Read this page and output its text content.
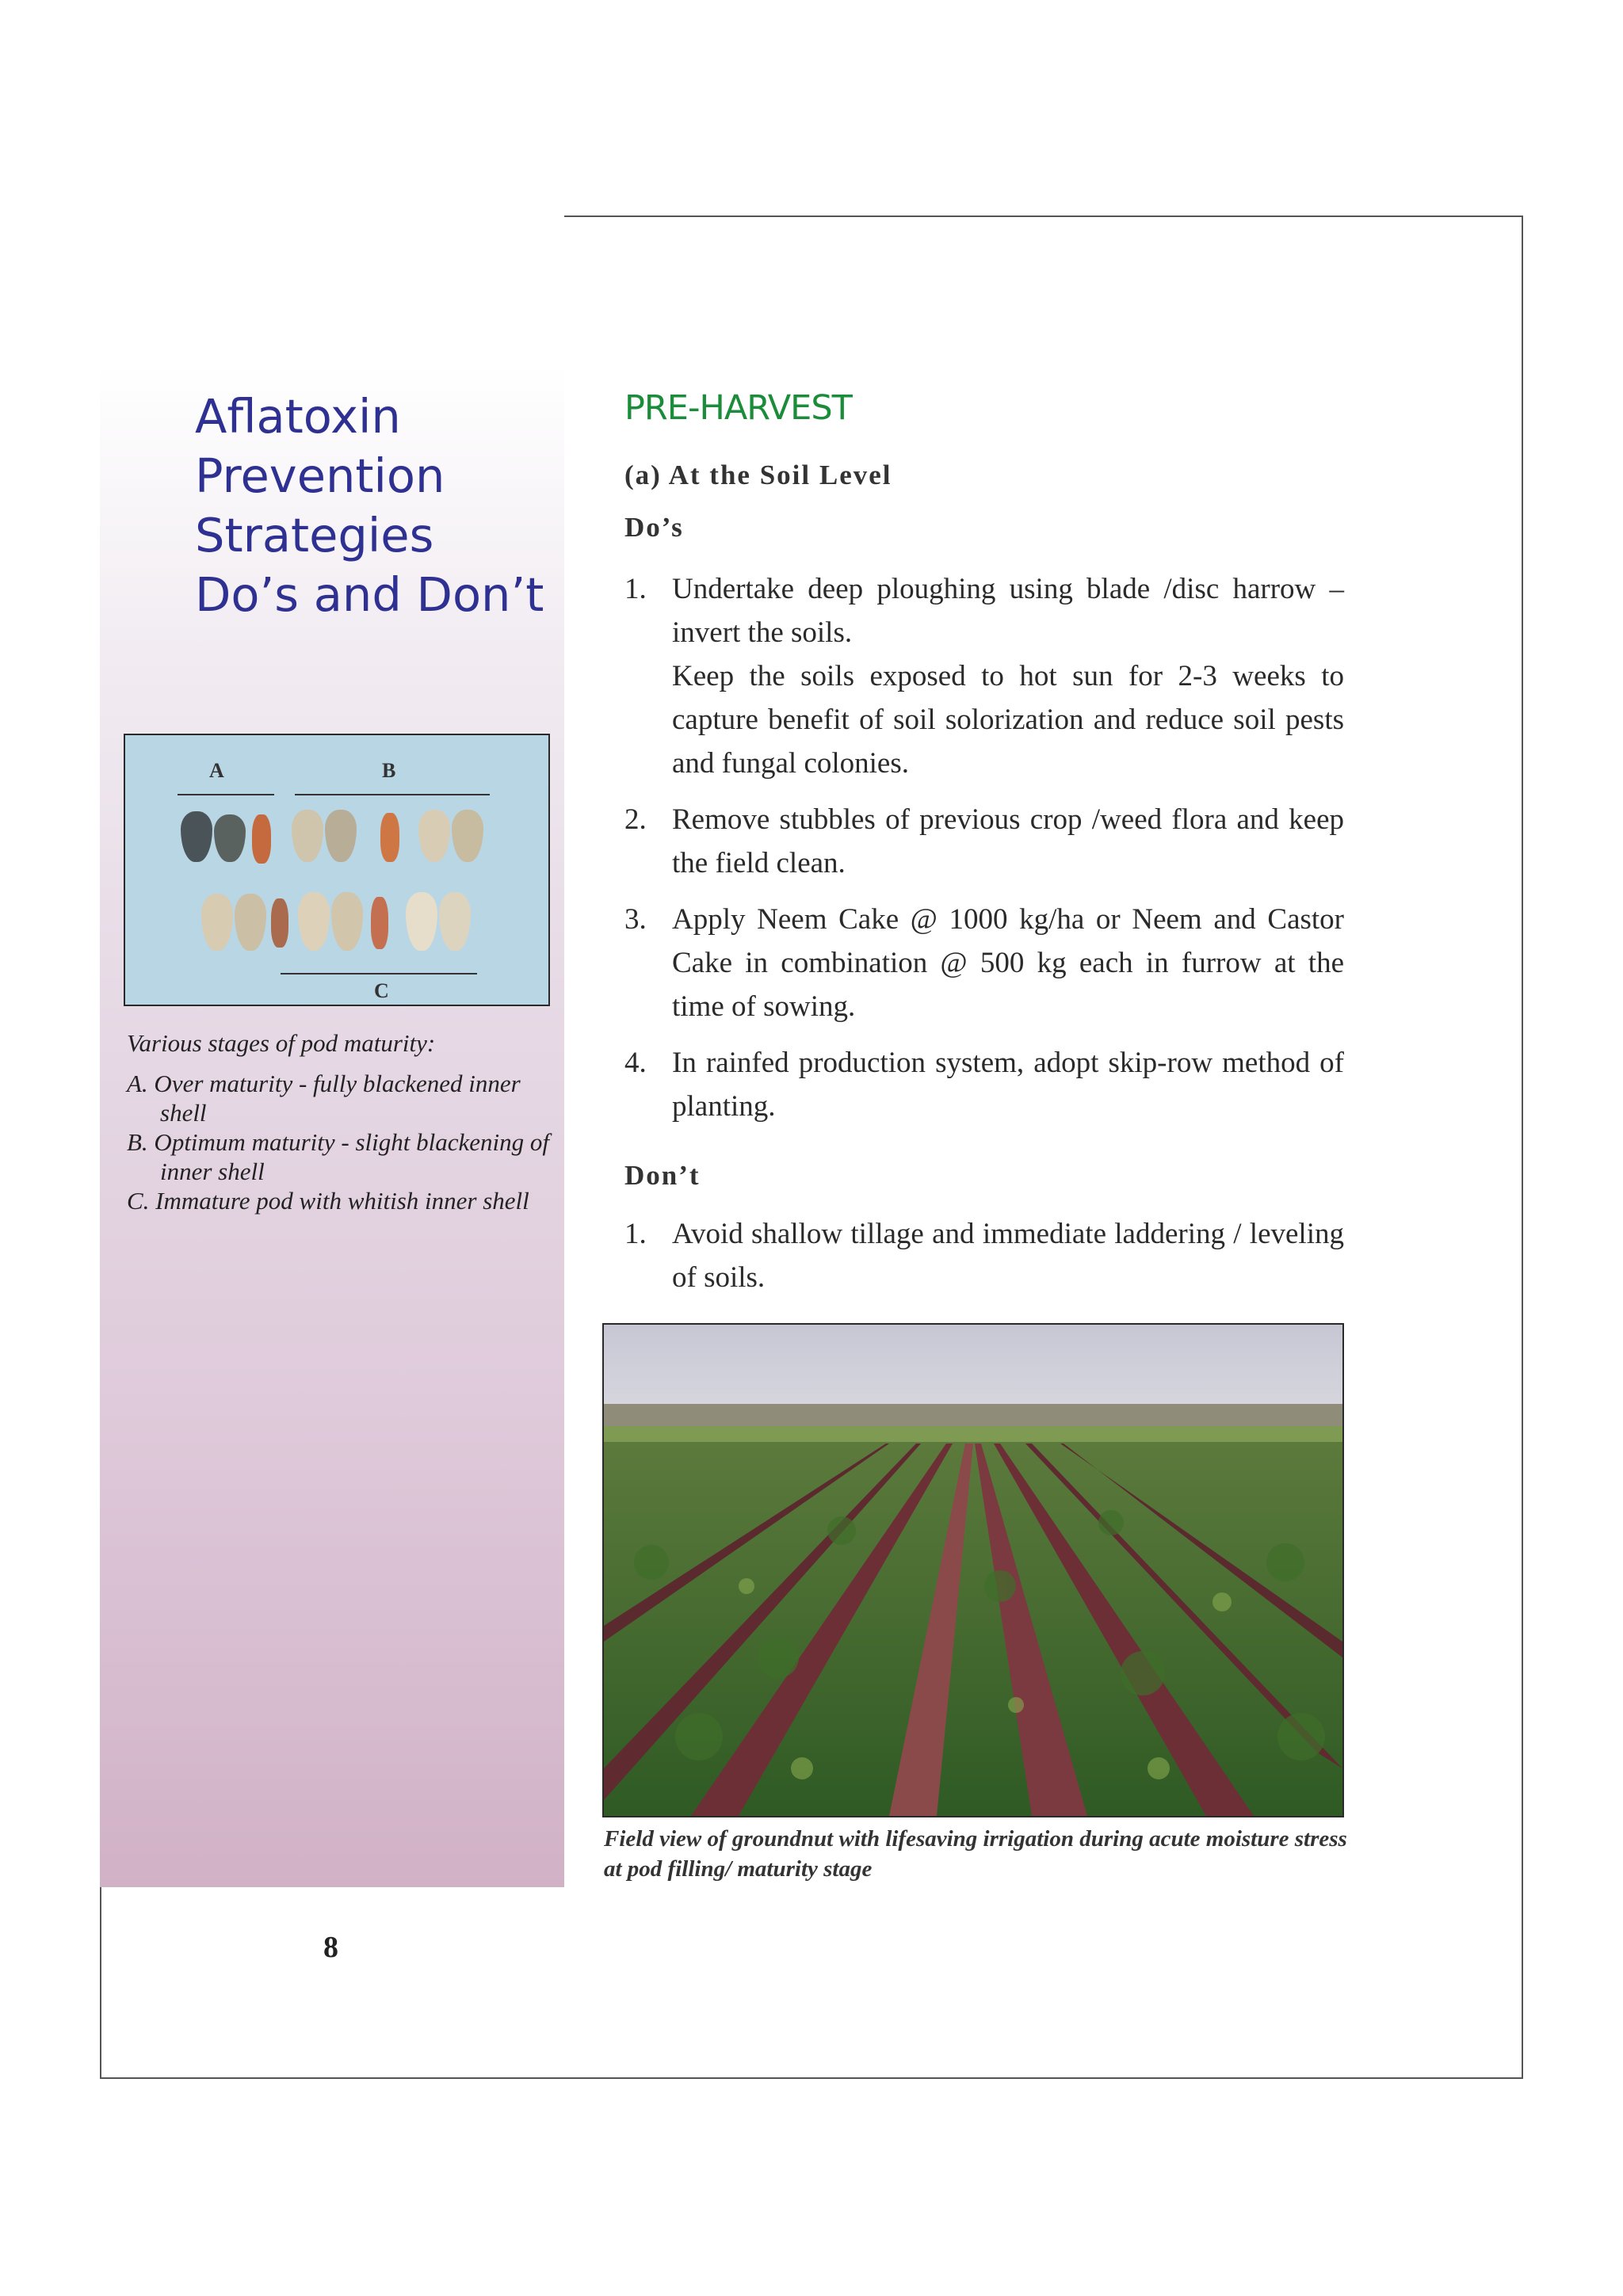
Aflatoxin
Prevention
Strategies
Do’s and Don’t
A	B
C
Various stages of pod maturity:
A. Over maturity - fully blackened inner shell
B. Optimum maturity - slight blackening of inner shell
C. Immature pod with whitish inner shell
PRE-HARVEST
(a) At the Soil Level
Do’s
1. Undertake deep ploughing using blade /disc harrow – invert the soils.

Keep the soils exposed to hot sun for 2-3 weeks to capture benefit of soil solorization and reduce soil pests and fungal colonies.

2. Remove stubbles of previous crop /weed flora and keep the field clean.

3. Apply Neem Cake @ 1000 kg/ha or Neem and Castor Cake in combination @ 500 kg each in furrow at the time of sowing.

4. In rainfed production system, adopt skip-row method of planting.

Don’t
1. Avoid shallow tillage and immediate laddering / leveling of soils.

Field view of groundnut with lifesaving irrigation during acute moisture stress at pod filling/ maturity stage
8
